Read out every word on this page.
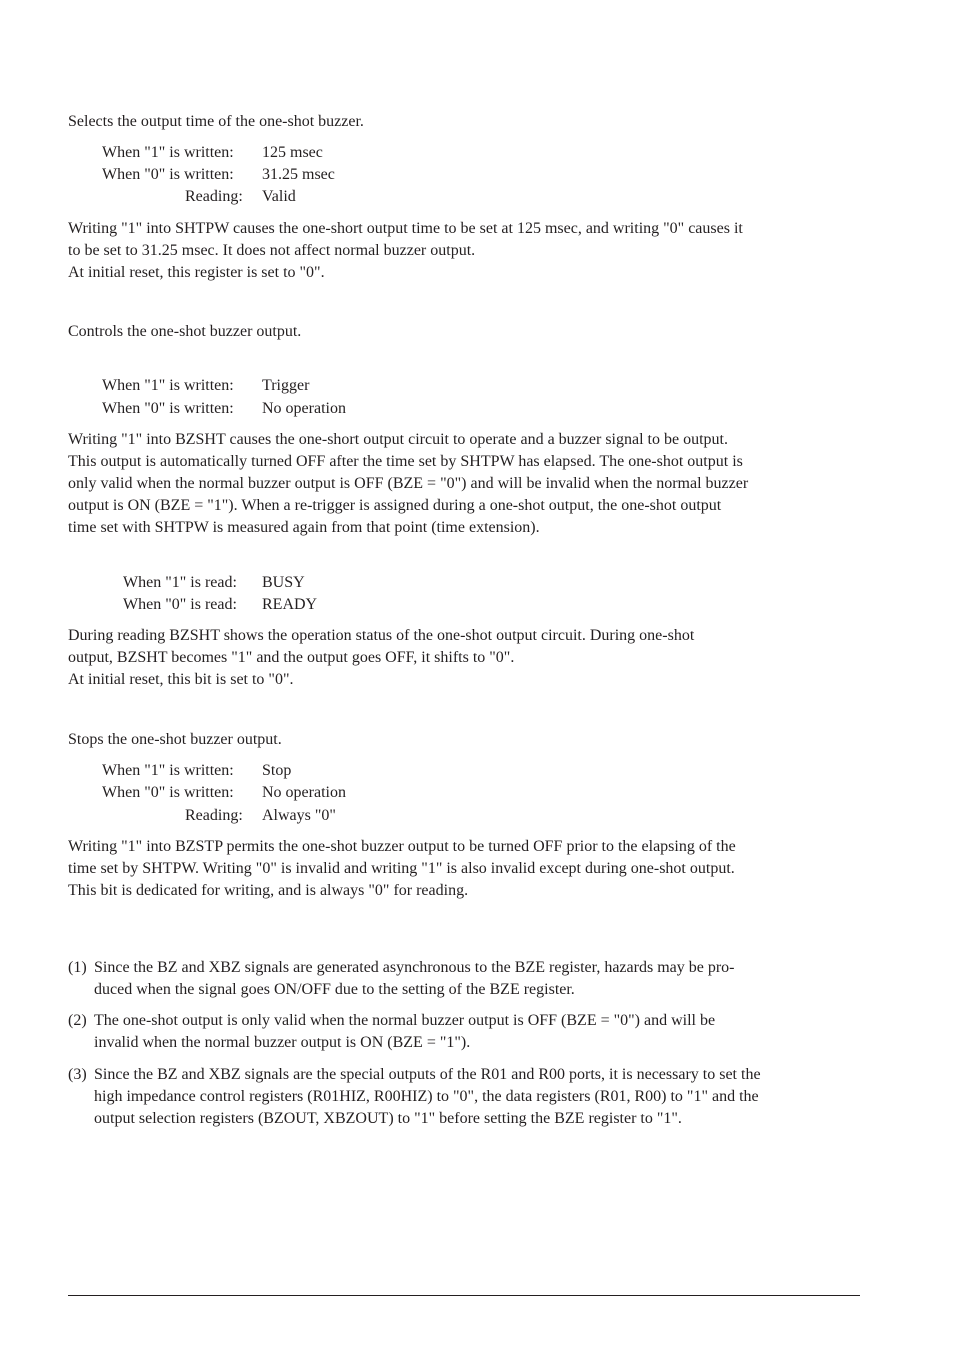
Selects the output time of the one-shot buzzer.

When "1" is written: 125 msec
When "0" is written: 31.25 msec
Reading: Valid
Writing "1" into SHTPW causes the one-short output time to be set at 125 msec, and writing "0" causes it
to be set to 31.25 msec. It does not affect normal buzzer output.
At initial reset, this register is set to "0".

Controls the one-shot buzzer output.

When "1" is written: Trigger
When "0" is written: No operation
Writing "1" into BZSHT causes the one-short output circuit to operate and a buzzer signal to be output.
This output is automatically turned OFF after the time set by SHTPW has elapsed. The one-shot output is
only valid when the normal buzzer output is OFF (BZE = "0") and will be invalid when the normal buzzer
output is ON (BZE = "1"). When a re-trigger is assigned during a one-shot output, the one-shot output
time set with SHTPW is measured again from that point (time extension).
When "1" is read: BUSY
When "0" is read: READY
During reading BZSHT shows the operation status of the one-shot output circuit. During one-shot
output, BZSHT becomes "1" and the output goes OFF, it shifts to "0".
At initial reset, this bit is set to "0".

Stops the one-shot buzzer output.

When "1" is written: Stop
When "0" is written: No operation
Reading: Always "0"
Writing "1" into BZSTP permits the one-shot buzzer output to be turned OFF prior to the elapsing of the
time set by SHTPW. Writing "0" is invalid and writing "1" is also invalid except during one-shot output.
This bit is dedicated for writing, and is always "0" for reading.
(1) Since the BZ and XBZ signals are generated asynchronous to the BZE register, hazards may be pro-
duced when the signal goes ON/OFF due to the setting of the BZE register.
(2) The one-shot output is only valid when the normal buzzer output is OFF (BZE = "0") and will be
invalid when the normal buzzer output is ON (BZE = "1").
(3) Since the BZ and XBZ signals are the special outputs of the R01 and R00 ports, it is necessary to set the
high impedance control registers (R01HIZ, R00HIZ) to "0", the data registers (R01, R00) to "1" and the
output selection registers (BZOUT, XBZOUT) to "1" before setting the BZE register to "1".
